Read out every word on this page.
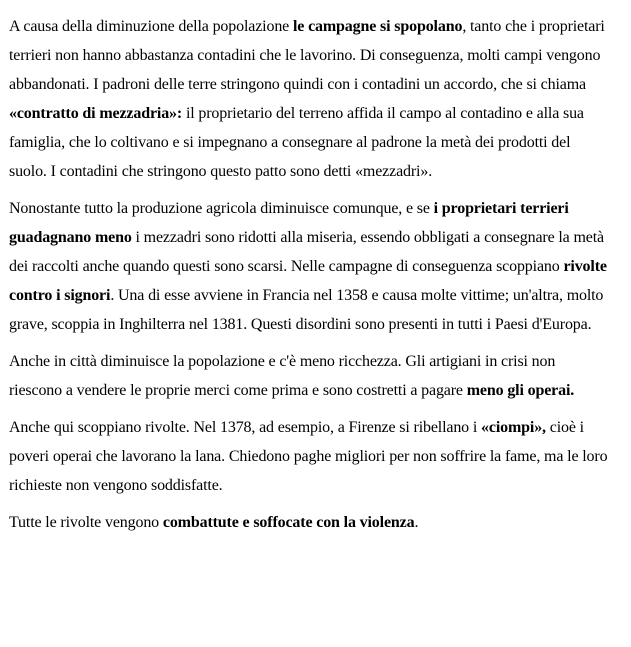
A causa della diminuzione della popolazione le campagne si spopolano, tanto che i proprietari terrieri non hanno abbastanza contadini che le lavorino. Di conseguenza, molti campi vengono abbandonati. I padroni delle terre stringono quindi con i contadini un accordo, che si chiama «contratto di mezzadria»: il proprietario del terreno affida il campo al contadino e alla sua famiglia, che lo coltivano e si impegnano a consegnare al padrone la metà dei prodotti del suolo. I contadini che stringono questo patto sono detti «mezzadri».

Nonostante tutto la produzione agricola diminuisce comunque, e se i proprietari terrieri guadagnano meno i mezzadri sono ridotti alla miseria, essendo obbligati a consegnare la metà dei raccolti anche quando questi sono scarsi. Nelle campagne di conseguenza scoppiano rivolte contro i signori. Una di esse avviene in Francia nel 1358 e causa molte vittime; un'altra, molto grave, scoppia in Inghilterra nel 1381. Questi disordini sono presenti in tutti i Paesi d'Europa.

Anche in città diminuisce la popolazione e c'è meno ricchezza. Gli artigiani in crisi non riescono a vendere le proprie merci come prima e sono costretti a pagare meno gli operai.

Anche qui scoppiano rivolte. Nel 1378, ad esempio, a Firenze si ribellano i «ciompi», cioè i poveri operai che lavorano la lana. Chiedono paghe migliori per non soffrire la fame, ma le loro richieste non vengono soddisfatte.

Tutte le rivolte vengono combattute e soffocate con la violenza.
